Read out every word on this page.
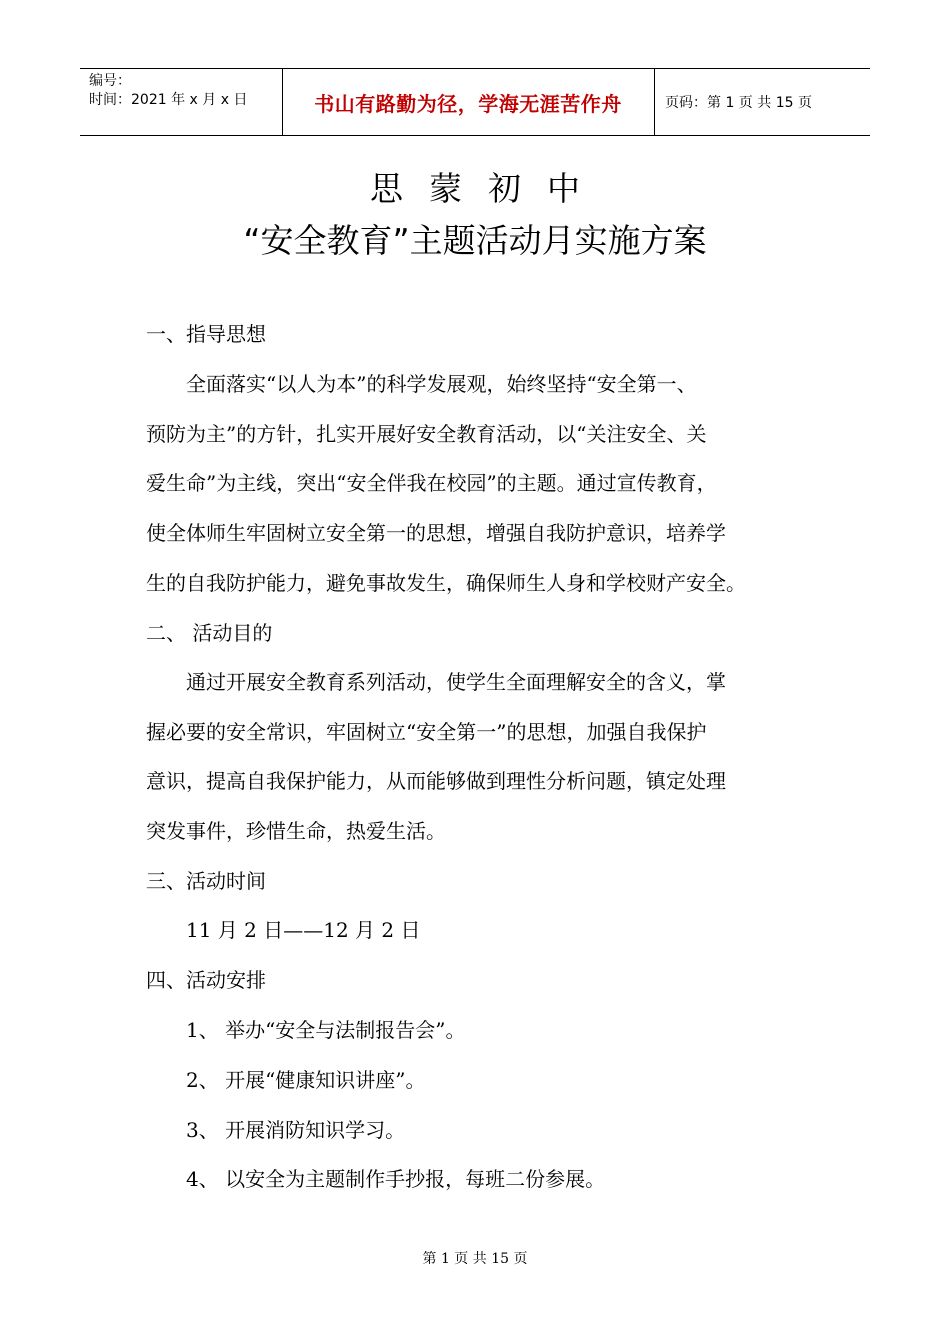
编号：
时间：2021 年 x 月 x 日	书山有路勤为径，学海无涯苦作舟	页码：第 1 页 共 15 页
思蒙初中
“安全教育”主题活动月实施方案
一、指导思想
　　全面落实“以人为本”的科学发展观，始终坚持“安全第一、
预防为主”的方针，扎实开展好安全教育活动，以“关注安全、关
爱生命”为主线，突出“安全伴我在校园”的主题。通过宣传教育，
使全体师生牢固树立安全第一的思想，增强自我防护意识，培养学
生的自我防护能力，避免事故发生，确保师生人身和学校财产安全。
二、 活动目的
　　通过开展安全教育系列活动，使学生全面理解安全的含义，掌
握必要的安全常识，牢固树立“安全第一”的思想，加强自我保护
意识，提高自我保护能力，从而能够做到理性分析问题，镇定处理
突发事件，珍惜生命，热爱生活。
三、活动时间
　　11 月 2 日——12 月 2 日
四、活动安排
　　1、 举办“安全与法制报告会”。
　　2、 开展“健康知识讲座”。
　　3、 开展消防知识学习。
　　4、 以安全为主题制作手抄报，每班二份参展。
第 1 页 共 15 页
